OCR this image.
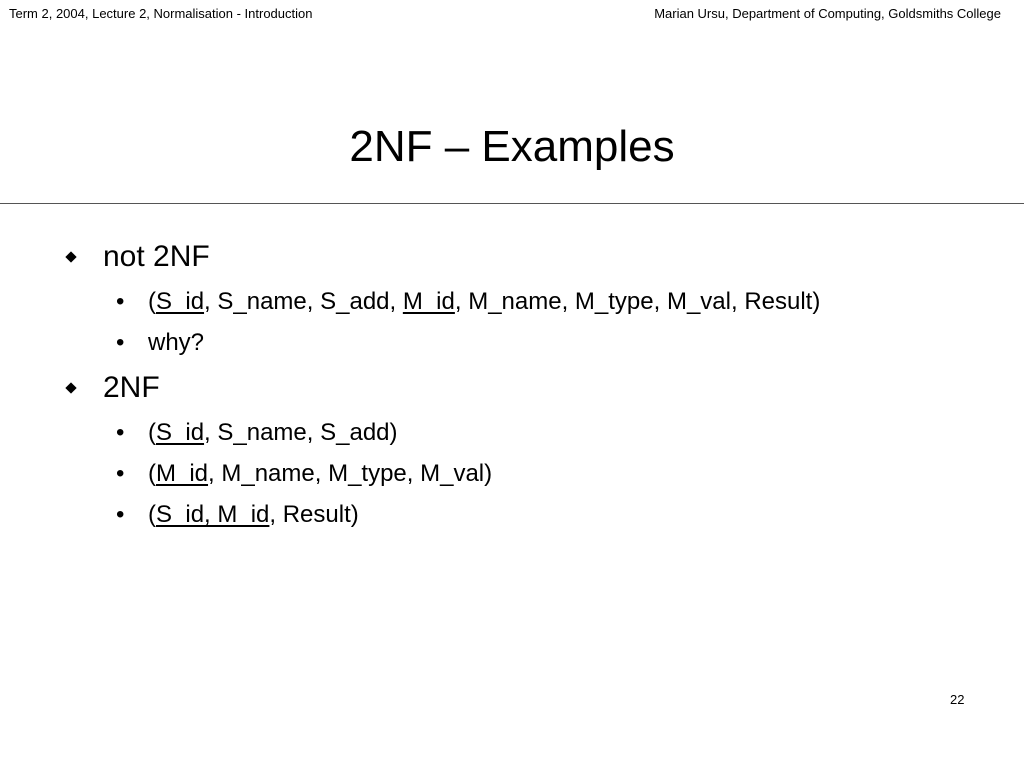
Term 2, 2004, Lecture 2, Normalisation - Introduction	Marian Ursu, Department of Computing, Goldsmiths College
2NF – Examples
not 2NF
• (S_id, S_name, S_add, M_id, M_name, M_type, M_val, Result)
• why?
2NF
• (S_id, S_name, S_add)
• (M_id, M_name, M_type, M_val)
• (S_id, M_id, Result)
22
